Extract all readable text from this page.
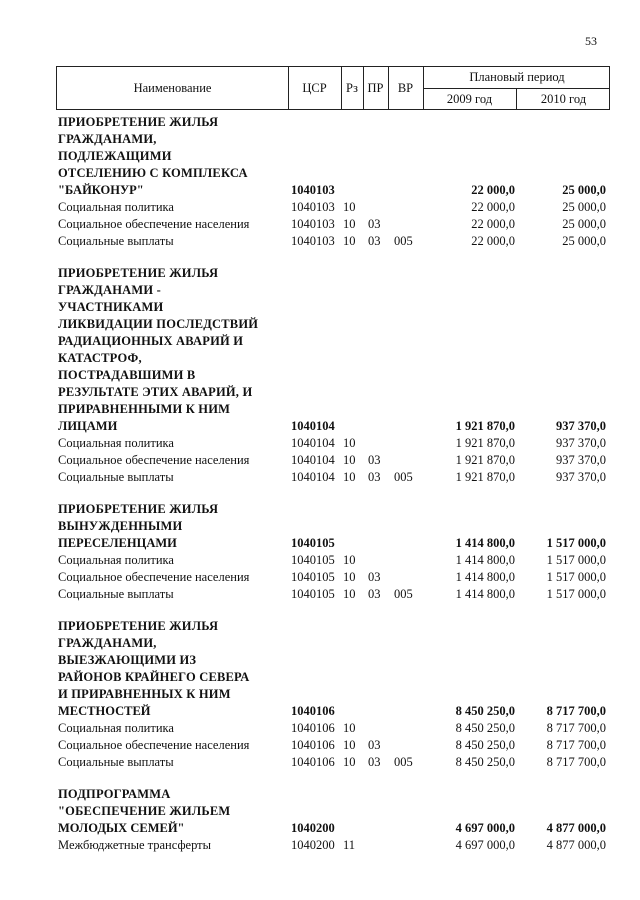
53
Наименование	ЦСР	Рз ПР	ВР
Плановый период
2009 год	2010 год
ПРИОБРЕТЕНИЕ ЖИЛЬЯ
ГРАЖДАНАМИ,
ПОДЛЕЖАЩИМИ
ОТСЕЛЕНИЮ С КОМПЛЕКСА
"БАЙКОНУР"	1040103	22 000,0	25 000,0
Социальная политика	1040103 10	22 000,0	25 000,0
Социальное обеспечение населения	1040103 10 03	22 000,0	25 000,0
Социальные выплаты	1040103 10 03 005	22 000,0	25 000,0
ПРИОБРЕТЕНИЕ ЖИЛЬЯ
ГРАЖДАНАМИ -
УЧАСТНИКАМИ
ЛИКВИДАЦИИ ПОСЛЕДСТВИЙ
РАДИАЦИОННЫХ АВАРИЙ И
КАТАСТРОФ,
ПОСТРАДАВШИМИ В
РЕЗУЛЬТАТЕ ЭТИХ АВАРИЙ, И
ПРИРАВНЕННЫМИ К НИМ
ЛИЦАМИ	1040104	1 921 870,0	937 370,0
Социальная политика	1040104 10	1 921 870,0	937 370,0
Социальное обеспечение населения	1040104 10 03	1 921 870,0	937 370,0
Социальные выплаты	1040104 10 03 005	1 921 870,0	937 370,0
ПРИОБРЕТЕНИЕ ЖИЛЬЯ
ВЫНУЖДЕННЫМИ
ПЕРЕСЕЛЕНЦАМИ	1040105	1 414 800,0	1 517 000,0
Социальная политика	1040105 10	1 414 800,0	1 517 000,0
Социальное обеспечение населения	1040105 10 03	1 414 800,0	1 517 000,0
Социальные выплаты	1040105 10 03 005	1 414 800,0	1 517 000,0
ПРИОБРЕТЕНИЕ ЖИЛЬЯ
ГРАЖДАНАМИ,
ВЫЕЗЖАЮЩИМИ ИЗ
РАЙОНОВ КРАЙНЕГО СЕВЕРА
И ПРИРАВНЕННЫХ К НИМ
МЕСТНОСТЕЙ	1040106	8 450 250,0	8 717 700,0
Социальная политика	1040106 10	8 450 250,0	8 717 700,0
Социальное обеспечение населения	1040106 10 03	8 450 250,0	8 717 700,0
Социальные выплаты	1040106 10 03 005	8 450 250,0	8 717 700,0
ПОДПРОГРАММА
"ОБЕСПЕЧЕНИЕ ЖИЛЬЕМ
МОЛОДЫХ СЕМЕЙ"	1040200	4 697 000,0	4 877 000,0
Межбюджетные трансферты	1040200 11	4 697 000,0	4 877 000,0
